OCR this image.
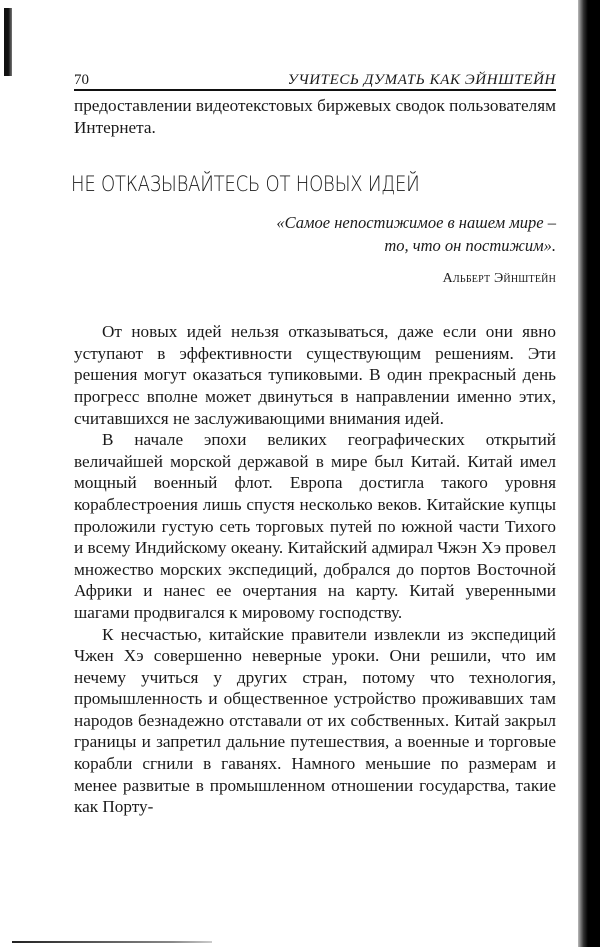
70	УЧИТЕСЬ ДУМАТЬ КАК ЭЙНШТЕЙН

предоставлении видеотекстовых биржевых сводок пользователям Интернета.

НЕ ОТКАЗЫВАЙТЕСЬ ОТ НОВЫХ ИДЕЙ
«Самое непостижимое в нашем мире –
то, что он постижим».
Альберт Эйнштейн

От новых идей нельзя отказываться, даже если они явно уступают в эффективности существующим решениям. Эти решения могут оказаться тупиковыми. В один прекрасный день прогресс вполне может двинуться в направлении именно этих, считавшихся не заслуживающими внимания идей.

В начале эпохи великих географических открытий величайшей морской державой в мире был Китай. Китай имел мощный военный флот. Европа достигла такого уровня кораблестроения лишь спустя несколько веков. Китайские купцы проложили густую сеть торговых путей по южной части Тихого и всему Индийскому океану. Китайский адмирал Чжэн Хэ провел множество морских экспедиций, добрался до портов Восточной Африки и нанес ее очертания на карту. Китай уверенными шагами продвигался к мировому господству.

К несчастью, китайские правители извлекли из экспедиций Чжен Хэ совершенно неверные уроки. Они решили, что им нечему учиться у других стран, потому что технология, промышленность и общественное устройство проживавших там народов безнадежно отставали от их собственных. Китай закрыл границы и запретил дальние путешествия, а военные и торговые корабли сгнили в гаванях. Намного меньшие по размерам и менее развитые в промышленном отношении государства, такие как Порту-
